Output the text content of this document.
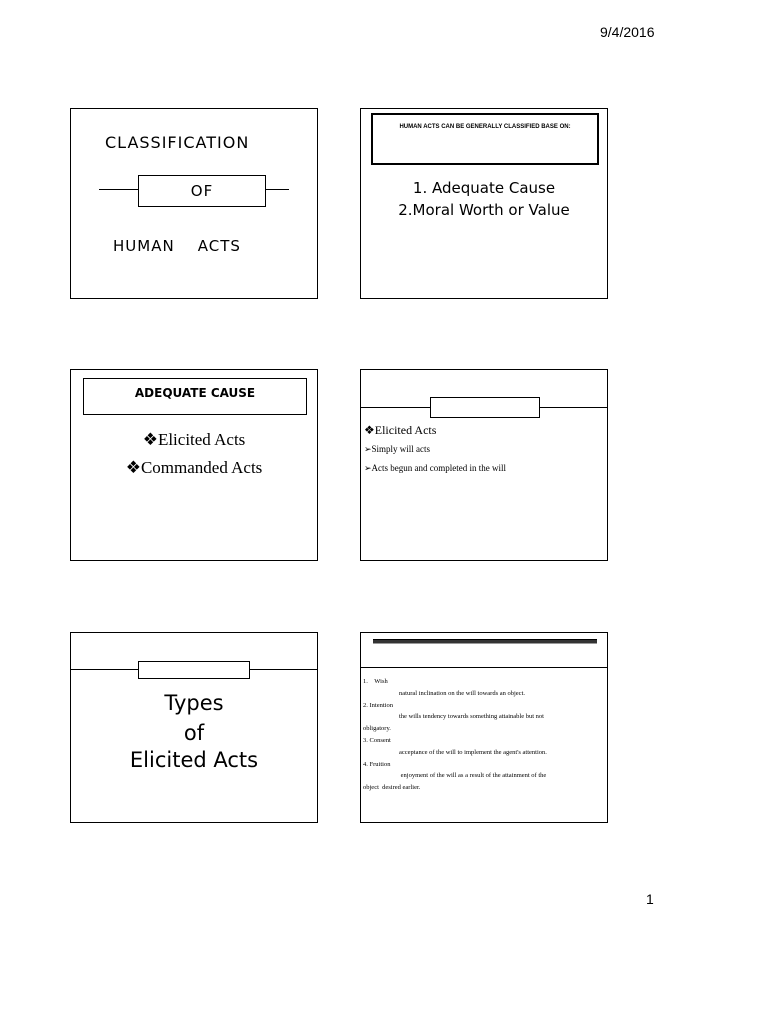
9/4/2016
CLASSIFICATION
OF
HUMAN    ACTS
HUMAN ACTS CAN BE GENERALLY CLASSIFIED BASE ON:
1. Adequate Cause
2.Moral Worth or Value
ADEQUATE CAUSE
❖Elicited Acts
❖Commanded Acts
❖Elicited Acts
➢Simply will acts
➢Acts begun and completed in the will
Types
of
Elicited Acts
1.    Wish
natural inclination on the will towards an object.
2. Intention
the wills tendency towards something attainable but not
obligatory.
3. Consent
acceptance of the will to implement the agent's attention.
4. Fruition
enjoyment of the will as a result of the attainment of the
object  desired earlier.
1
